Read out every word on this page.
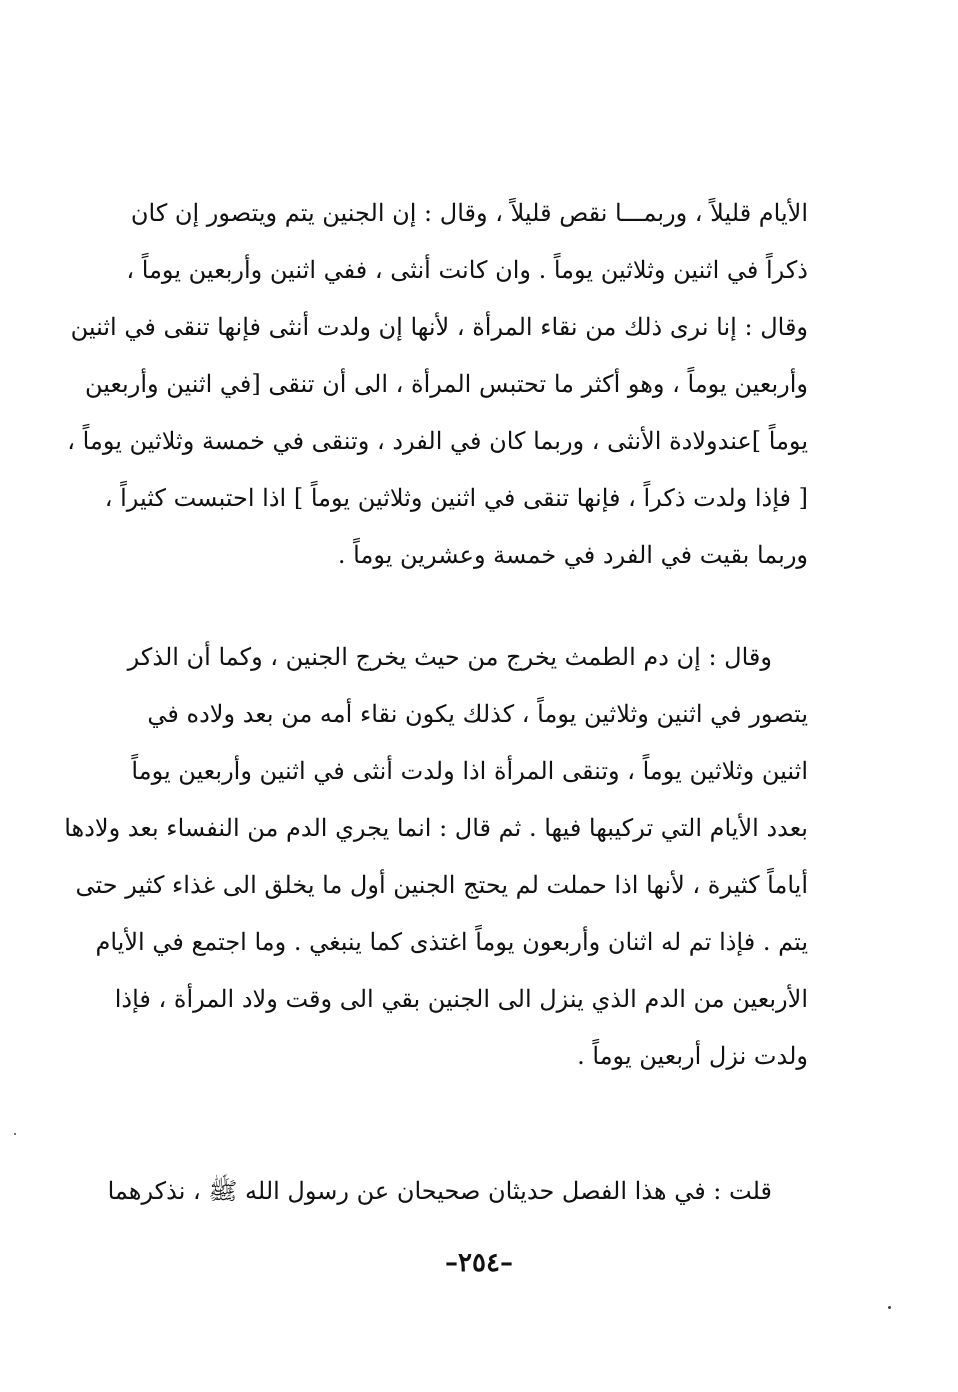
الأيام قليلاً ، وربمـــا نقص قليلاً ، وقال : إن الجنين يتم ويتصور إن كان
ذكراً في اثنين وثلاثين يوماً . وان كانت أنثى ، ففي اثنين وأربعين يوماً ،
وقال : إنا نرى ذلك من نقاء المرأة ، لأنها إن ولدت أنثى فإنها تنقى في اثنين
وأربعين يوماً ، وهو أكثر ما تحتبس المرأة ، الى أن تنقى [في اثنين وأربعين
يوماً ]عندولادة الأنثى ، وربما كان في الفرد ، وتنقى في خمسة وثلاثين يوماً ،
[ فإذا ولدت ذكراً ، فإنها تنقى في اثنين وثلاثين يوماً ] اذا احتبست كثيراً ،
وربما بقيت في الفرد في خمسة وعشرين يوماً .
وقال : إن دم الطمث يخرج من حيث يخرج الجنين ، وكما أن الذكر
يتصور في اثنين وثلاثين يوماً ، كذلك يكون نقاء أمه من بعد ولاده في
اثنين وثلاثين يوماً ، وتنقى المرأة اذا ولدت أنثى في اثنين وأربعين يوماً
بعدد الأيام التي تركيبها فيها . ثم قال : انما يجري الدم من النفساء بعد ولادها
أياماً كثيرة ، لأنها اذا حملت لم يحتج الجنين أول ما يخلق الى غذاء كثير حتى
يتم . فإذا تم له اثنان وأربعون يوماً اغتذى كما ينبغي . وما اجتمع في الأيام
الأربعين من الدم الذي ينزل الى الجنين بقي الى وقت ولاد المرأة ، فإذا
ولدت نزل أربعين يوماً .
قلت : في هذا الفصل حديثان صحيحان عن رسول الله ﷺ ، نذكرهما
–٢٥٤–
